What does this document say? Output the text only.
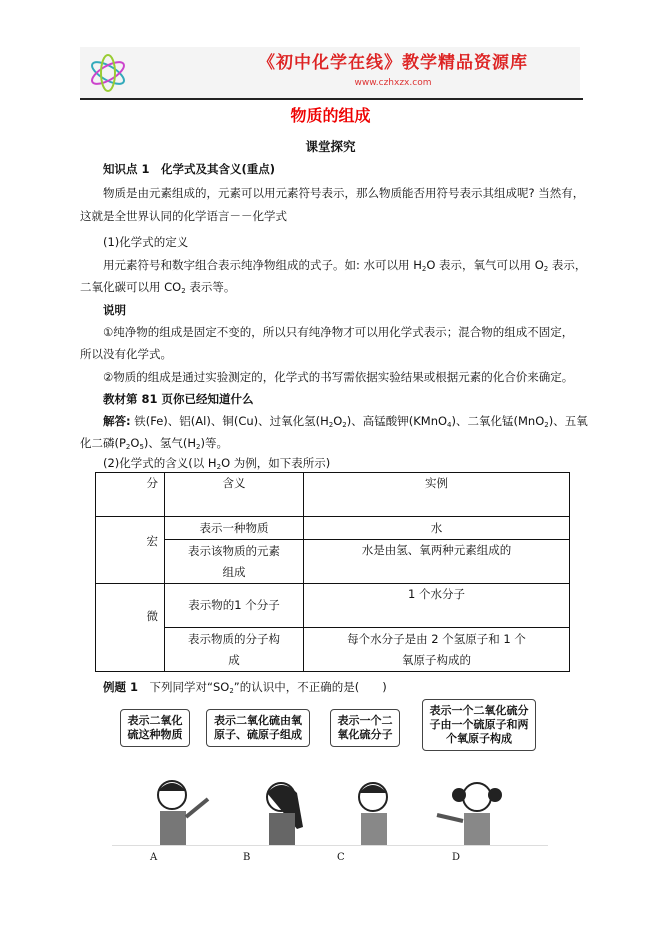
《初中化学在线》教学精品资源库
www.czhxzx.com
物质的组成
课堂探究
知识点 1　化学式及其含义(重点)
物质是由元素组成的，元素可以用元素符号表示，那么物质能否用符号表示其组成呢? 当然有，
这就是全世界认同的化学语言－－化学式
(1)化学式的定义
用元素符号和数字组合表示纯净物组成的式子。如: 水可以用 $H_2O$ 表示，氧气可以用 $O_2$ 表示，
二氧化碳可以用 $CO_2$ 表示等。
说明
①纯净物的组成是固定不变的，所以只有纯净物才可以用化学式表示；混合物的组成不固定，
所以没有化学式。
②物质的组成是通过实验测定的，化学式的书写需依据实验结果或根据元素的化合价来确定。
教材第 81 页你已经知道什么
解答: 铁(Fe)、铝(Al)、铜(Cu)、过氧化氢$(H_2O_2)$、高锰酸钾(KMnO$_4$)、二氧化锰(MnO$_2$)、五氧
化二磷$(P_2O_5)$、氢气$(H_2)$等。
(2)化学式的含义(以 $H_2O$ 为例，如下表所示)
分	含义	实例
宏	表示一种物质	水
	表示该物质的元素组成	水是由氢、氧两种元素组成的
微	表示物的1 个分子	1 个水分子
	表示物质的分子构成	每个水分子是由 2 个氢原子和 1 个氧原子构成的
例题 1　下列同学对“$SO_2$”的认识中，不正确的是(　　)
表示二氧化硫这种物质
表示二氧化硫由氧原子、硫原子组成
表示一个二氧化硫分子
表示一个二氧化硫分子由一个硫原子和两个氧原子构成
A	B	C	D
